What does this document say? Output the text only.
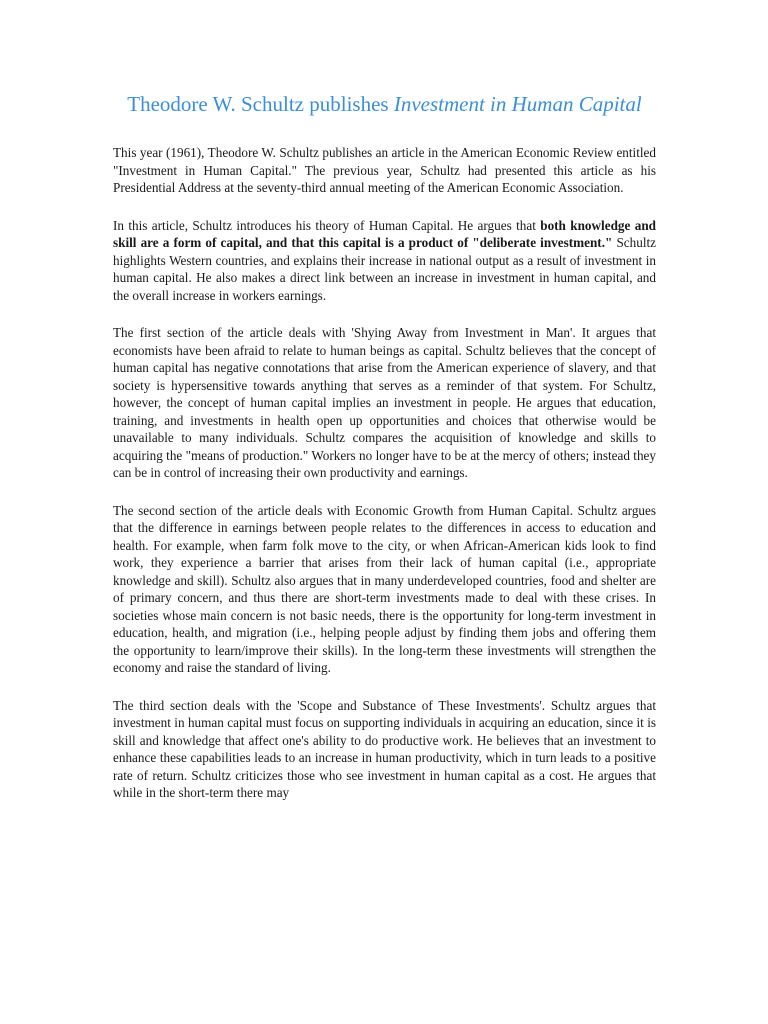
Theodore W. Schultz publishes Investment in Human Capital

This year (1961), Theodore W. Schultz publishes an article in the American Economic Review entitled "Investment in Human Capital." The previous year, Schultz had presented this article as his Presidential Address at the seventy-third annual meeting of the American Economic Association.

In this article, Schultz introduces his theory of Human Capital. He argues that both knowledge and skill are a form of capital, and that this capital is a product of "deliberate investment." Schultz highlights Western countries, and explains their increase in national output as a result of investment in human capital. He also makes a direct link between an increase in investment in human capital, and the overall increase in workers earnings.

The first section of the article deals with 'Shying Away from Investment in Man'. It argues that economists have been afraid to relate to human beings as capital. Schultz believes that the concept of human capital has negative connotations that arise from the American experience of slavery, and that society is hypersensitive towards anything that serves as a reminder of that system. For Schultz, however, the concept of human capital implies an investment in people. He argues that education, training, and investments in health open up opportunities and choices that otherwise would be unavailable to many individuals. Schultz compares the acquisition of knowledge and skills to acquiring the "means of production." Workers no longer have to be at the mercy of others; instead they can be in control of increasing their own productivity and earnings.

The second section of the article deals with Economic Growth from Human Capital. Schultz argues that the difference in earnings between people relates to the differences in access to education and health. For example, when farm folk move to the city, or when African-American kids look to find work, they experience a barrier that arises from their lack of human capital (i.e., appropriate knowledge and skill). Schultz also argues that in many underdeveloped countries, food and shelter are of primary concern, and thus there are short-term investments made to deal with these crises. In societies whose main concern is not basic needs, there is the opportunity for long-term investment in education, health, and migration (i.e., helping people adjust by finding them jobs and offering them the opportunity to learn/improve their skills). In the long-term these investments will strengthen the economy and raise the standard of living.

The third section deals with the 'Scope and Substance of These Investments'. Schultz argues that investment in human capital must focus on supporting individuals in acquiring an education, since it is skill and knowledge that affect one's ability to do productive work. He believes that an investment to enhance these capabilities leads to an increase in human productivity, which in turn leads to a positive rate of return. Schultz criticizes those who see investment in human capital as a cost. He argues that while in the short-term there may
